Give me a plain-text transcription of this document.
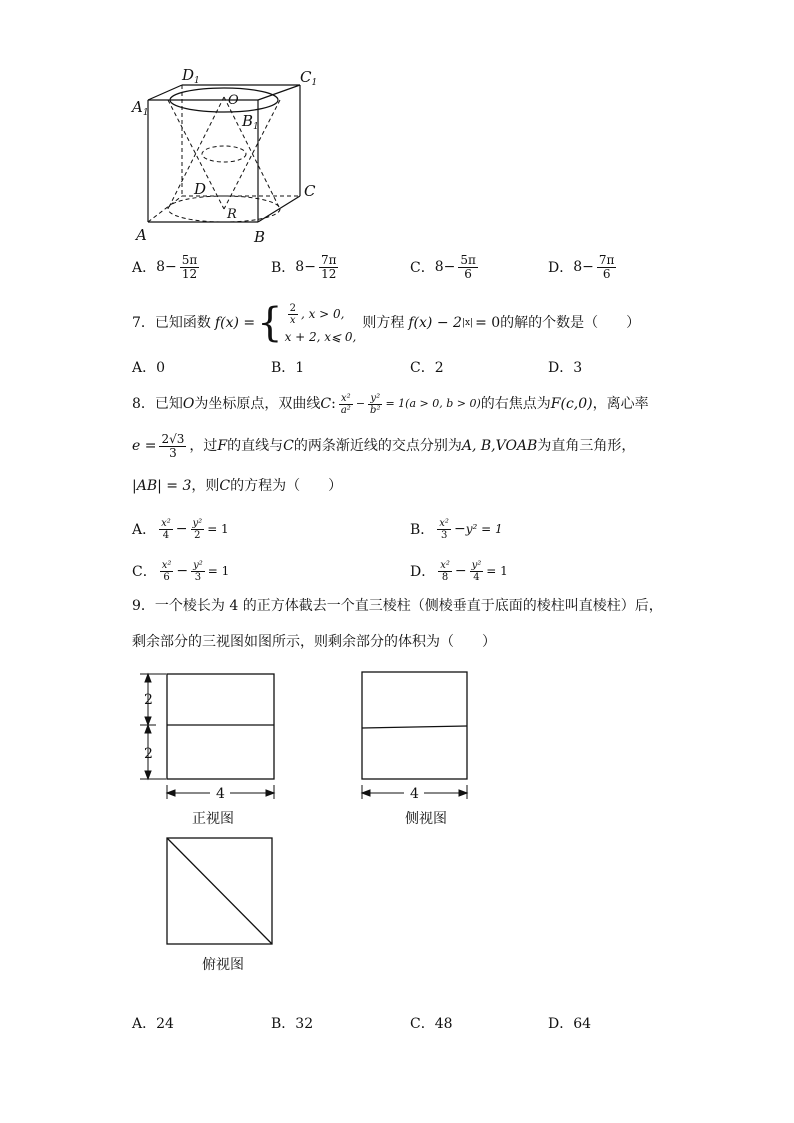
$D_1$	$C_1$
$A_1$	$B_1$
O
D	C
A	B
R
A． $8- \frac{5\pi}{12}$	B． $8- \frac{7\pi}{12}$	C． $8- \frac{5\pi}{6}$	D． $8- \frac{7\pi}{6}$
7．已知函数 f(x) = { $\frac{2}{x}$ , x > 0,
x + 2, x⩽ 0,
则方程 f(x) − 2 |x| = 0 的解的个数是（　　）
A．0	B．1	C．2	D．3
8．已知 O 为坐标原点，双曲线 C : $\frac{\text{x²}}{\text{a²}} - \frac{\text{y²}}{\text{b²}} = 1(a > 0$, b > 0) 的右焦点为 F(c,0) ，离心率
$e = \frac{2√3}{3}$ ，过 F 的直线与 C 的两条渐近线的交点分别为 A, B,VOAB 为直角三角形，
|AB| = 3，则C的方程为（　　）
A． $\frac{\text{x²}}{4} - \frac{\text{y²}}{2} = 1$	B． $\frac{\text{x²}}{3} - y^2 = 1$
C． $\frac{\text{x²}}{6} - \frac{\text{y²}}{3} = 1$	D． $\frac{\text{x²}}{8} - \frac{\text{y²}}{4} = 1$
9．一个棱长为 4 的正方体截去一个直三棱柱（侧棱垂直于底面的棱柱叫直棱柱）后，
剩余部分的三视图如图所示，则剩余部分的体积为（　　）
2
2
4	4
正视图	侧视图
俯视图
A．24	B．32	C．48	D．64
